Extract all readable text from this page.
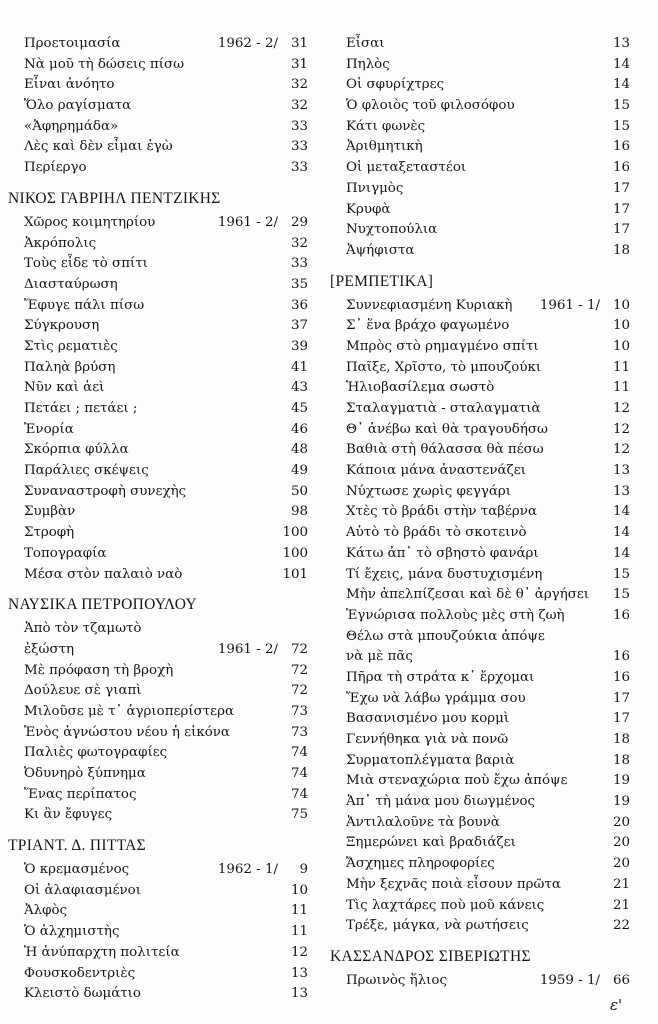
Προετοιμασία	1962 - 2/ 31
Νὰ μοῦ τὴ δώσεις πίσω	31
Εἶναι ἀνόητο	32
Ὅλο ραγίσματα	32
«Ἀφηρημάδα»	33
Λὲς καὶ δὲν εἶμαι ἐγὼ	33
Περίεργο	33
ΝΙΚΟΣ ΓΑΒΡΙΗΛ ΠΕΝΤΖΙΚΗΣ
Χῶρος κοιμητηρίου	1961 - 2/ 29
Ἀκρόπολις	32
Τοὺς εἶδε τὸ σπίτι	33
Διασταύρωση	35
Ἔφυγε πάλι πίσω	36
Σύγκρουση	37
Στὶς ρεματιὲς	39
Παληὰ βρύση	41
Νῦν καὶ ἀεὶ	43
Πετάει ; πετάει ;	45
Ἐνορία	46
Σκόρπια φύλλα	48
Παράλιες σκέψεις	49
Συναναστροφὴ συνεχὴς	50
Συμβὰν	98
Στροφὴ	100
Τοπογραφία	100
Μέσα στὸν παλαιὸ ναὸ	101
ΝΑΥΣΙΚΑ ΠΕΤΡΟΠΟΥΛΟΥ
Ἀπὸ τὸν τζαμωτὸ
ἐξώστη	1961 - 2/ 72
Μὲ πρόφαση τὴ βροχὴ	72
Δούλευε σὲ γιαπὶ	72
Μιλοῦσε μὲ τ᾽ ἀγριοπερίστερα	73
Ἑνὸς ἀγνώστου νέου ἡ εἰκόνα	73
Παλιὲς φωτογραφίες	74
Ὀδυνηρὸ ξύπνημα	74
Ἕνας περίπατος	74
Κι ἂν ἔφυγες	75
ΤΡΙΑΝΤ. Δ. ΠΙΤΤΑΣ
Ὁ κρεμασμένος	1962 - 1/ 9
Οἱ ἀλαφιασμένοι	10
Ἀλφὸς	11
Ὁ ἀλχημιστὴς	11
Ἡ ἀνύπαρχτη πολιτεία	12
Φουσκοδεντριὲς	13
Κλειστὸ δωμάτιο	13
Εἶσαι	13
Πηλὸς	14
Οἱ σφυρίχτρες	14
Ὁ φλοιὸς τοῦ φιλοσόφου	15
Κάτι φωνὲς	15
Ἀριθμητικὴ	16
Οἱ μεταξεταστέοι	16
Πνιγμὸς	17
Κρυφὰ	17
Νυχτοπούλια	17
Ἀψήφιστα	18
[ΡΕΜΠΕΤΙΚΑ]
Συννεφιασμένη Κυριακὴ 1961 - 1/ 10
Σ᾽ ἕνα βράχο φαγωμένο	10
Μπρὸς στὸ ρημαγμένο σπίτι	10
Παῖξε, Χρῖστο, τὸ μπουζούκι	11
Ἡλιοβασίλεμα σωστὸ	11
Σταλαγματιὰ - σταλαγματιὰ	12
Θ᾽ ἀνέβω καὶ θὰ τραγουδήσω	12
Βαθιὰ στὴ θάλασσα θὰ πέσω	12
Κάποια μάνα ἀναστενάζει	13
Νύχτωσε χωρὶς φεγγάρι	13
Χτὲς τὸ βράδι στὴν ταβέρνα	14
Αὐτὸ τὸ βράδι τὸ σκοτεινὸ	14
Κάτω ἀπ᾽ τὸ σβηστὸ φανάρι	14
Τί ἔχεις, μάνα δυστυχισμένη	15
Μὴν ἀπελπίζεσαι καὶ δὲ θ᾽ ἀργήσει 15
Ἐγνώρισα πολλοὺς μὲς στὴ ζωὴ	16
Θέλω στὰ μπουζούκια ἀπόψε
νὰ μὲ πᾶς	16
Πῆρα τὴ στράτα κ᾽ ἔρχομαι	16
Ἔχω νὰ λάβω γράμμα σου	17
Βασανισμένο μου κορμὶ	17
Γεννήθηκα γιὰ νὰ πονῶ	18
Συρματοπλέγματα βαριὰ	18
Μιὰ στεναχώρια ποὺ ἔχω ἀπόψε	19
Ἀπ᾽ τὴ μάνα μου διωγμένος	19
Ἀντιλαλοῦνε τὰ βουνὰ	20
Ξημερώνει καὶ βραδιάζει	20
Ἄσχημες πληροφορίες	20
Μὴν ξεχνᾶς ποιὰ εἶσουν πρῶτα	21
Τὶς λαχτάρες ποὺ μοῦ κάνεις	21
Τρέξε, μάγκα, νὰ ρωτήσεις	22
ΚΑΣΣΑΝΔΡΟΣ ΣΙΒΕΡΙΩΤΗΣ
Πρωινὸς ἥλιος	1959 - 1/ 66
ε'
